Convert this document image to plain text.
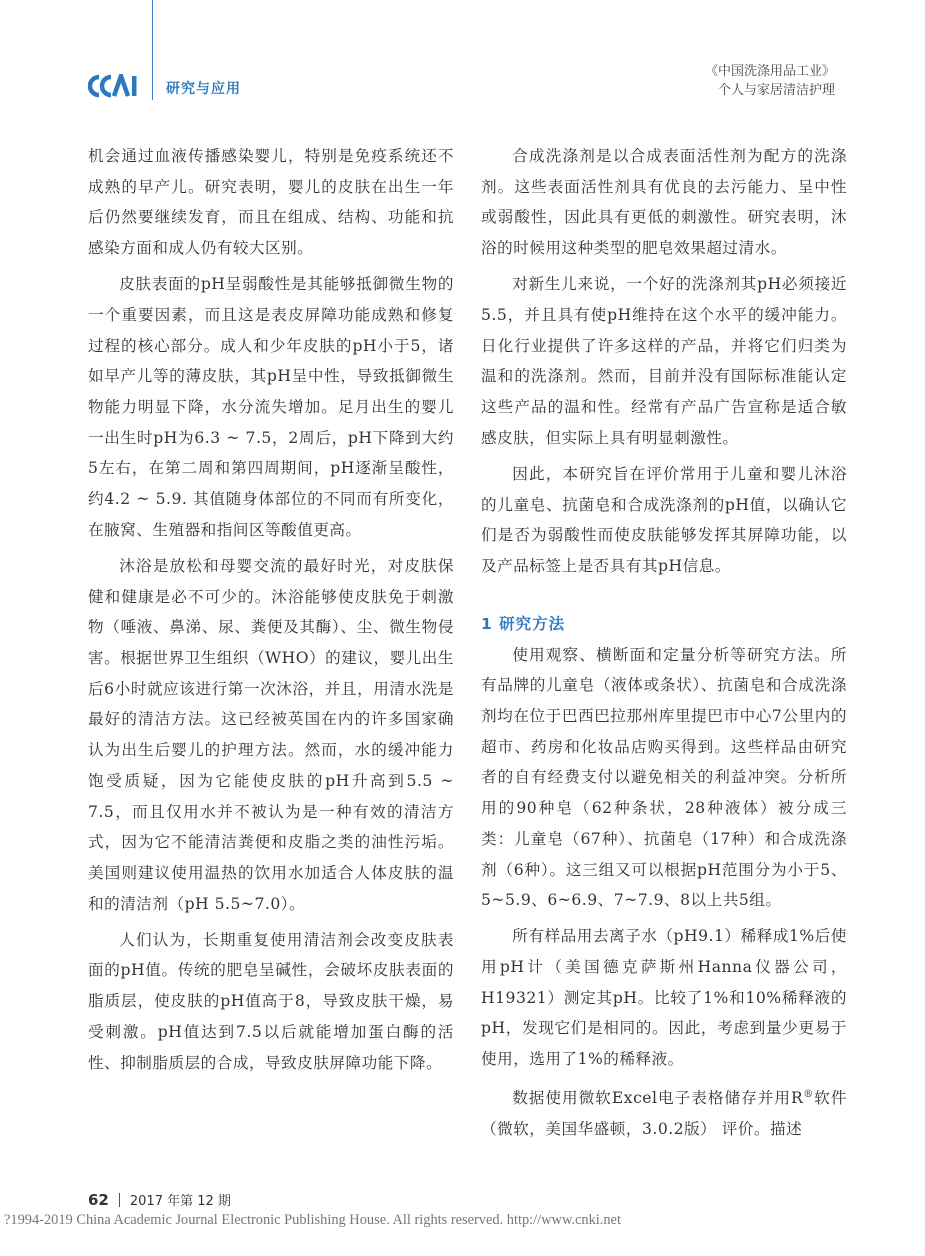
研究与应用
《中国洗涤用品工业》
个人与家居清洁护理

机会通过血液传播感染婴儿，特别是免疫系统还不成熟的早产儿。研究表明，婴儿的皮肤在出生一年后仍然要继续发育，而且在组成、结构、功能和抗感染方面和成人仍有较大区别。

皮肤表面的pH呈弱酸性是其能够抵御微生物的一个重要因素，而且这是表皮屏障功能成熟和修复过程的核心部分。成人和少年皮肤的pH小于5，诸如早产儿等的薄皮肤，其pH呈中性，导致抵御微生物能力明显下降，水分流失增加。足月出生的婴儿一出生时pH为6.3 ~ 7.5，2周后，pH下降到大约5左右，在第二周和第四周期间，pH逐渐呈酸性，约4.2 ~ 5.9. 其值随身体部位的不同而有所变化，在腋窝、生殖器和指间区等酸值更高。

沐浴是放松和母婴交流的最好时光，对皮肤保健和健康是必不可少的。沐浴能够使皮肤免于刺激物（唾液、鼻涕、尿、粪便及其酶）、尘、微生物侵害。根据世界卫生组织（WHO）的建议，婴儿出生后6小时就应该进行第一次沐浴，并且，用清水洗是最好的清洁方法。这已经被英国在内的许多国家确认为出生后婴儿的护理方法。然而，水的缓冲能力饱受质疑，因为它能使皮肤的pH升高到5.5 ~ 7.5，而且仅用水并不被认为是一种有效的清洁方式，因为它不能清洁粪便和皮脂之类的油性污垢。美国则建议使用温热的饮用水加适合人体皮肤的温和的清洁剂（pH 5.5~7.0）。

人们认为，长期重复使用清洁剂会改变皮肤表面的pH值。传统的肥皂呈碱性，会破坏皮肤表面的脂质层，使皮肤的pH值高于8，导致皮肤干燥，易受刺激。pH值达到7.5以后就能增加蛋白酶的活性、抑制脂质层的合成，导致皮肤屏障功能下降。

合成洗涤剂是以合成表面活性剂为配方的洗涤剂。这些表面活性剂具有优良的去污能力、呈中性或弱酸性，因此具有更低的刺激性。研究表明，沐浴的时候用这种类型的肥皂效果超过清水。

对新生儿来说，一个好的洗涤剂其pH必须接近5.5，并且具有使pH维持在这个水平的缓冲能力。日化行业提供了许多这样的产品，并将它们归类为温和的洗涤剂。然而，目前并没有国际标准能认定这些产品的温和性。经常有产品广告宣称是适合敏感皮肤，但实际上具有明显刺激性。

因此，本研究旨在评价常用于儿童和婴儿沐浴的儿童皂、抗菌皂和合成洗涤剂的pH值，以确认它们是否为弱酸性而使皮肤能够发挥其屏障功能，以及产品标签上是否具有其pH信息。

1 研究方法

使用观察、横断面和定量分析等研究方法。所有品牌的儿童皂（液体或条状）、抗菌皂和合成洗涤剂均在位于巴西巴拉那州库里提巴市中心7公里内的超市、药房和化妆品店购买得到。这些样品由研究者的自有经费支付以避免相关的利益冲突。分析所用的90种皂（62种条状，28种液体）被分成三类：儿童皂（67种）、抗菌皂（17种）和合成洗涤剂（6种）。这三组又可以根据pH范围分为小于5、5~5.9、6~6.9、7~7.9、8以上共5组。

所有样品用去离子水（pH9.1）稀释成1%后使用pH计（美国德克萨斯州Hanna仪器公司，H19321）测定其pH。比较了1%和10%稀释液的pH，发现它们是相同的。因此，考虑到量少更易于使用，选用了1%的稀释液。

数据使用微软Excel电子表格储存并用R®软件（微软，美国华盛顿，3.0.2版） 评价。描述

62 2017 年第 12 期
?1994-2019 China Academic Journal Electronic Publishing House. All rights reserved. http://www.cnki.net
